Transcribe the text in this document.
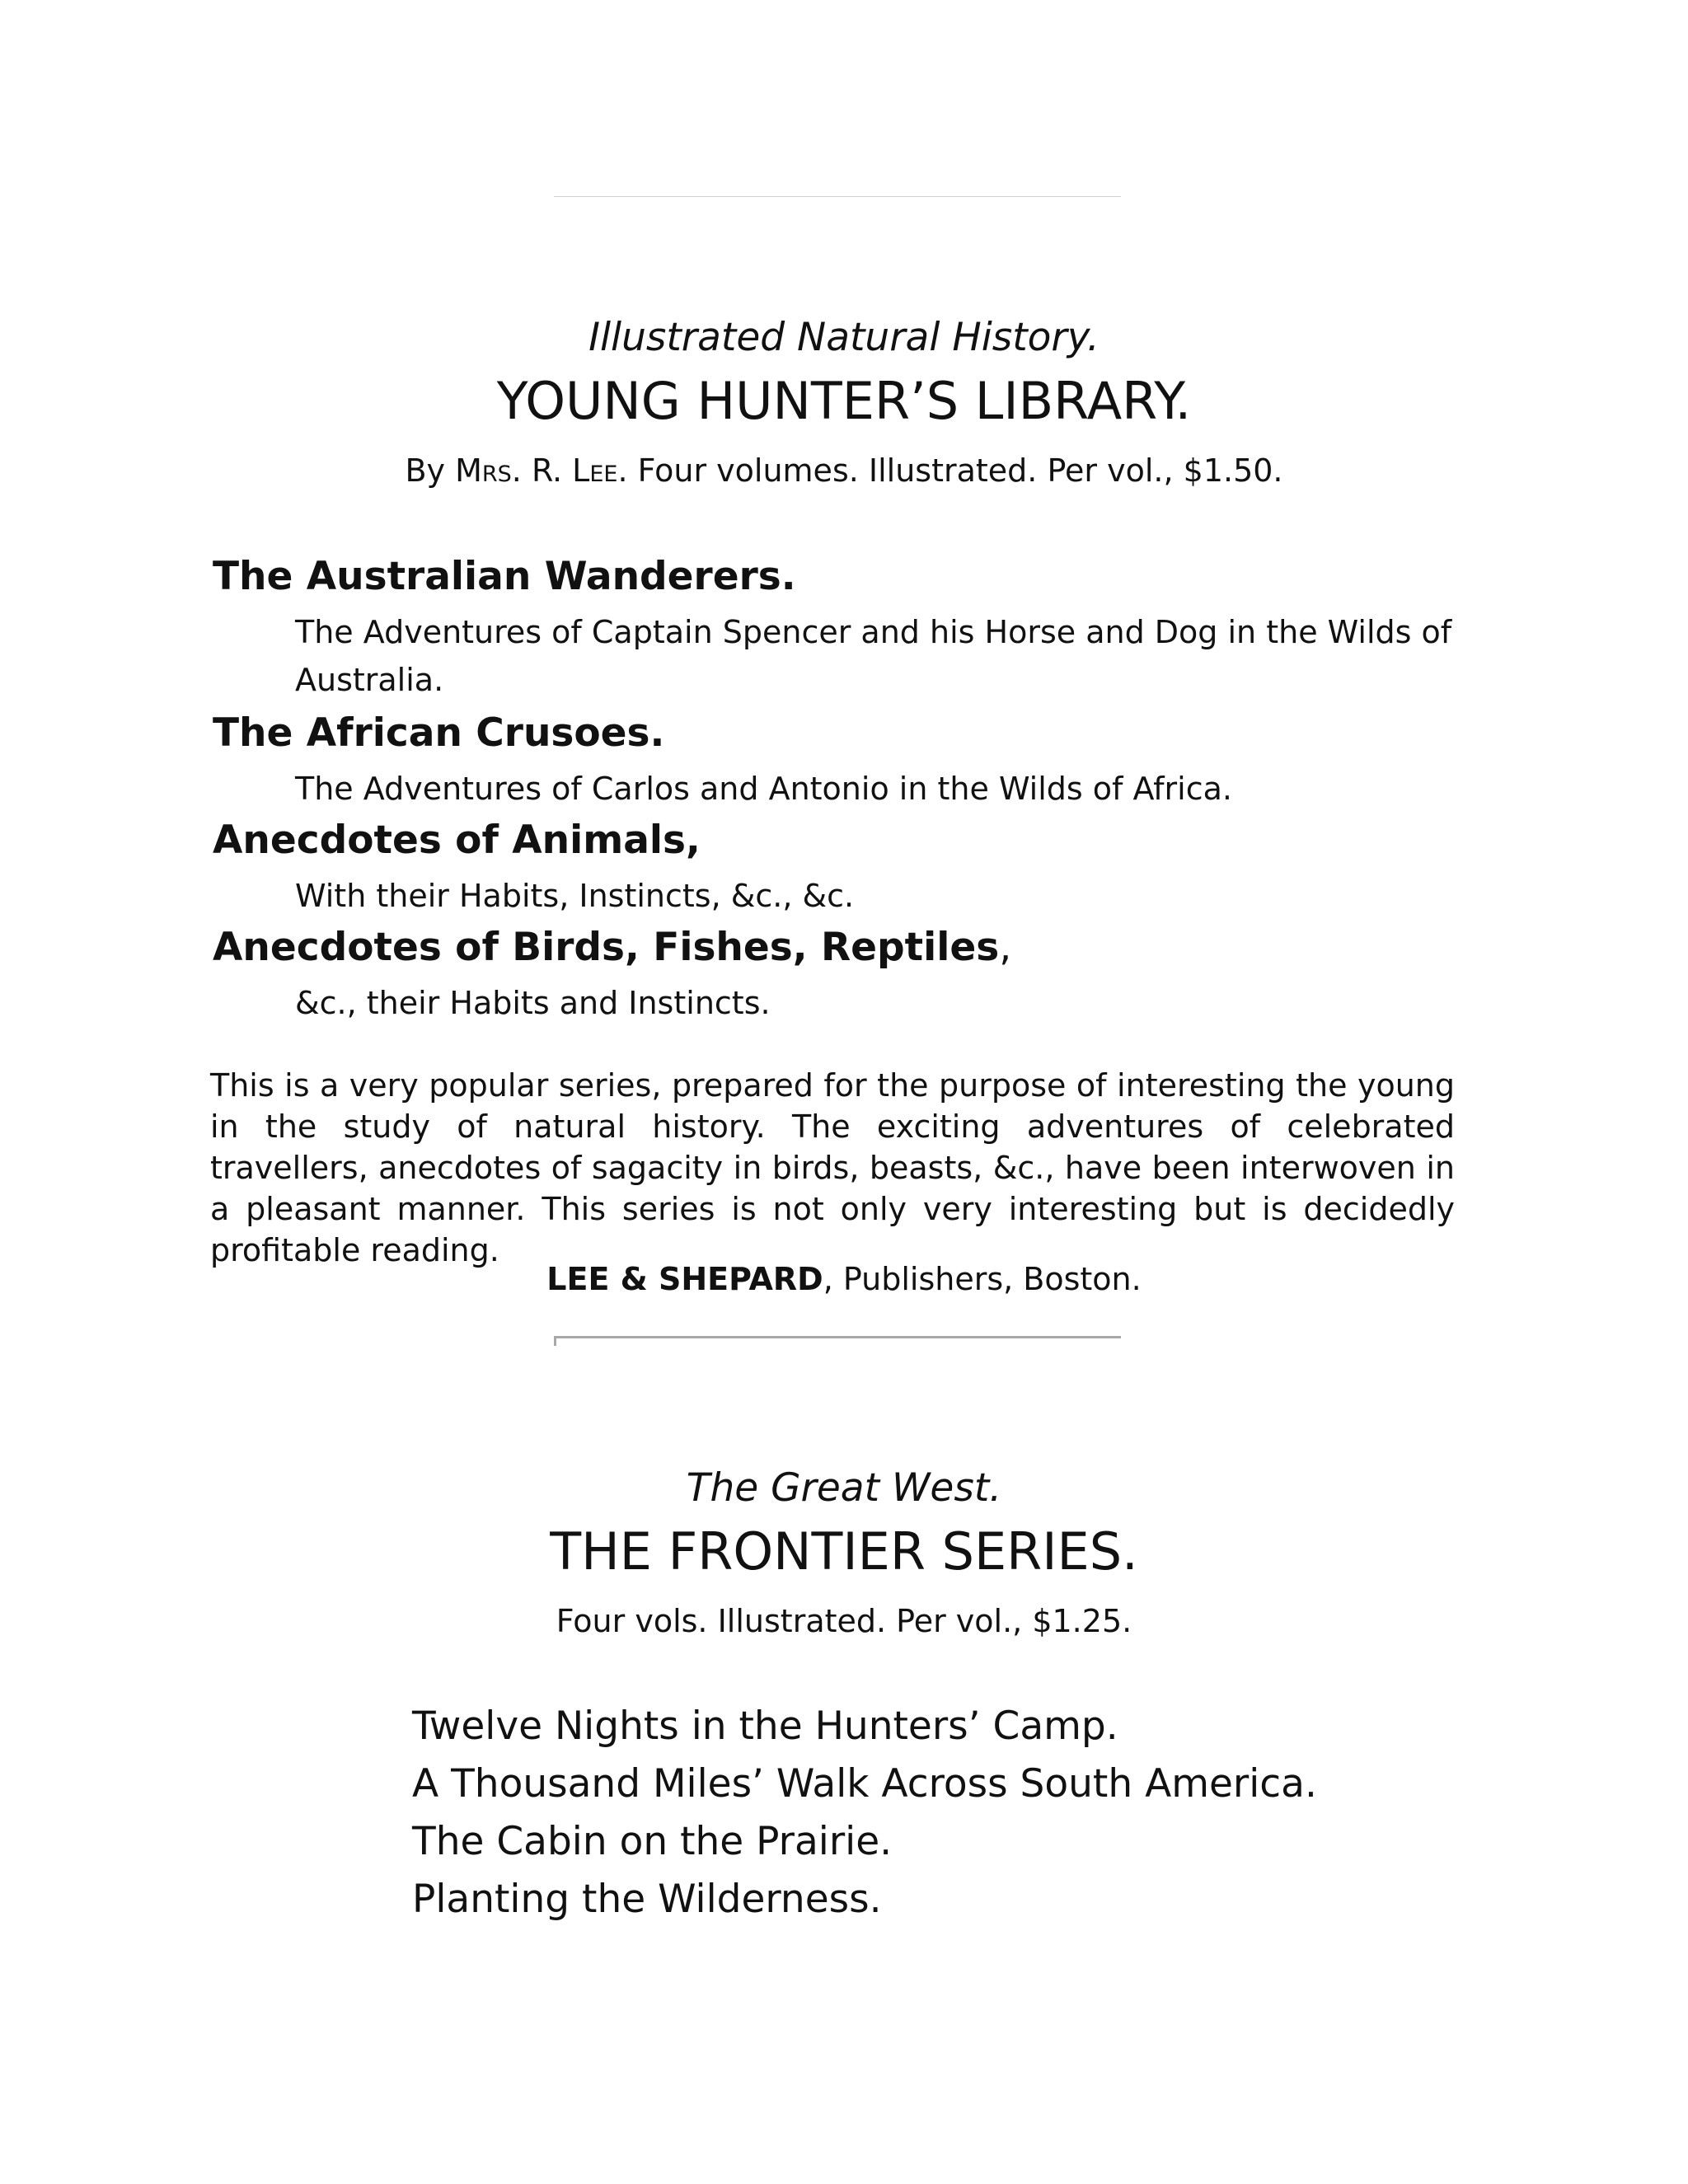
Illustrated Natural History.

YOUNG HUNTER’S LIBRARY.

By Mrs. R. Lee. Four volumes. Illustrated. Per vol., $1.50.

The Australian Wanderers.

The Adventures of Captain Spencer and his Horse and Dog in the Wilds of Australia.

The African Crusoes.

The Adventures of Carlos and Antonio in the Wilds of Africa.

Anecdotes of Animals,

With their Habits, Instincts, &c., &c.

Anecdotes of Birds, Fishes, Reptiles,

&c., their Habits and Instincts.

This is a very popular series, prepared for the purpose of interesting the young in the study of natural history. The exciting adventures of celebrated travellers, anecdotes of sagacity in birds, beasts, &c., have been interwoven in a pleasant manner. This series is not only very interesting but is decidedly profitable reading.

LEE & SHEPARD, Publishers, Boston.

The Great West.

THE FRONTIER SERIES.

Four vols. Illustrated. Per vol., $1.25.

Twelve Nights in the Hunters’ Camp.
A Thousand Miles’ Walk Across South America.
The Cabin on the Prairie.
Planting the Wilderness.
